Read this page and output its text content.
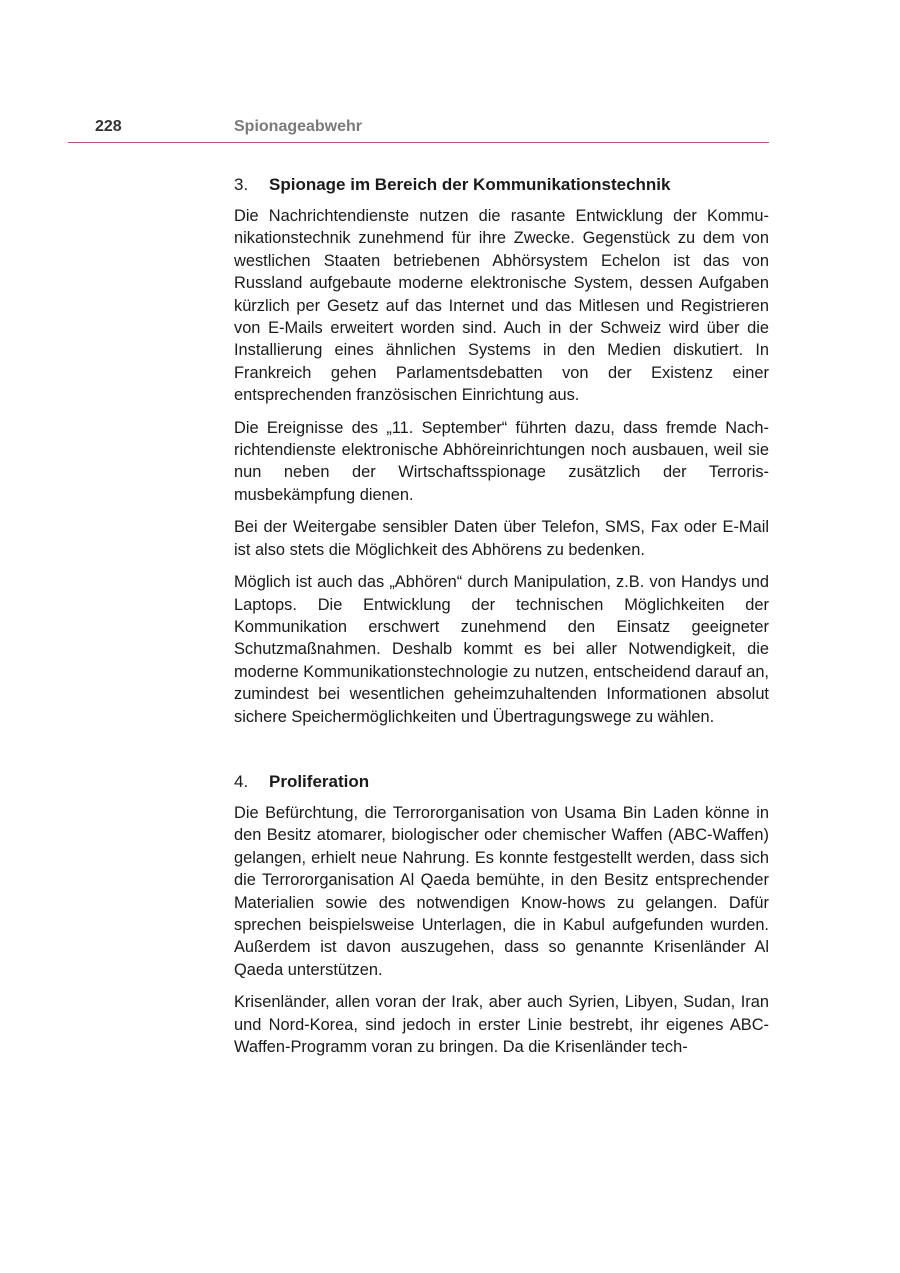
228	Spionageabwehr
3. Spionage im Bereich der Kommunikationstechnik

Die Nachrichtendienste nutzen die rasante Entwicklung der Kommunikationstechnik zunehmend für ihre Zwecke. Gegenstück zu dem von westlichen Staaten betriebenen Abhörsystem Echelon ist das von Russland aufgebaute moderne elektronische System, dessen Aufgaben kürzlich per Gesetz auf das Internet und das Mitlesen und Registrieren von E-Mails erweitert worden sind. Auch in der Schweiz wird über die Installierung eines ähnlichen Systems in den Medien diskutiert. In Frankreich gehen Parlamentsdebatten von der Existenz einer entsprechenden französischen Einrichtung aus.

Die Ereignisse des „11. September“ führten dazu, dass fremde Nachrichtendienste elektronische Abhöreinrichtungen noch ausbauen, weil sie nun neben der Wirtschaftsspionage zusätzlich der Terrorismusbekämpfung dienen.

Bei der Weitergabe sensibler Daten über Telefon, SMS, Fax oder E-Mail ist also stets die Möglichkeit des Abhörens zu bedenken.

Möglich ist auch das „Abhören“ durch Manipulation, z.B. von Handys und Laptops. Die Entwicklung der technischen Möglichkeiten der Kommunikation erschwert zunehmend den Einsatz geeigneter Schutzmaßnahmen. Deshalb kommt es bei aller Notwendigkeit, die moderne Kommunikationstechnologie zu nutzen, entscheidend darauf an, zumindest bei wesentlichen geheimzuhaltenden Informationen absolut sichere Speichermöglichkeiten und Übertragungswege zu wählen.

4. Proliferation

Die Befürchtung, die Terrororganisation von Usama Bin Laden könne in den Besitz atomarer, biologischer oder chemischer Waffen (ABC-Waffen) gelangen, erhielt neue Nahrung. Es konnte festgestellt werden, dass sich die Terrororganisation Al Qaeda bemühte, in den Besitz entsprechender Materialien sowie des notwendigen Know-hows zu gelangen. Dafür sprechen beispielsweise Unterlagen, die in Kabul aufgefunden wurden. Außerdem ist davon auszugehen, dass so genannte Krisenländer Al Qaeda unterstützen.

Krisenländer, allen voran der Irak, aber auch Syrien, Libyen, Sudan, Iran und Nord-Korea, sind jedoch in erster Linie bestrebt, ihr eigenes ABC-Waffen-Programm voran zu bringen. Da die Krisenländer tech-
